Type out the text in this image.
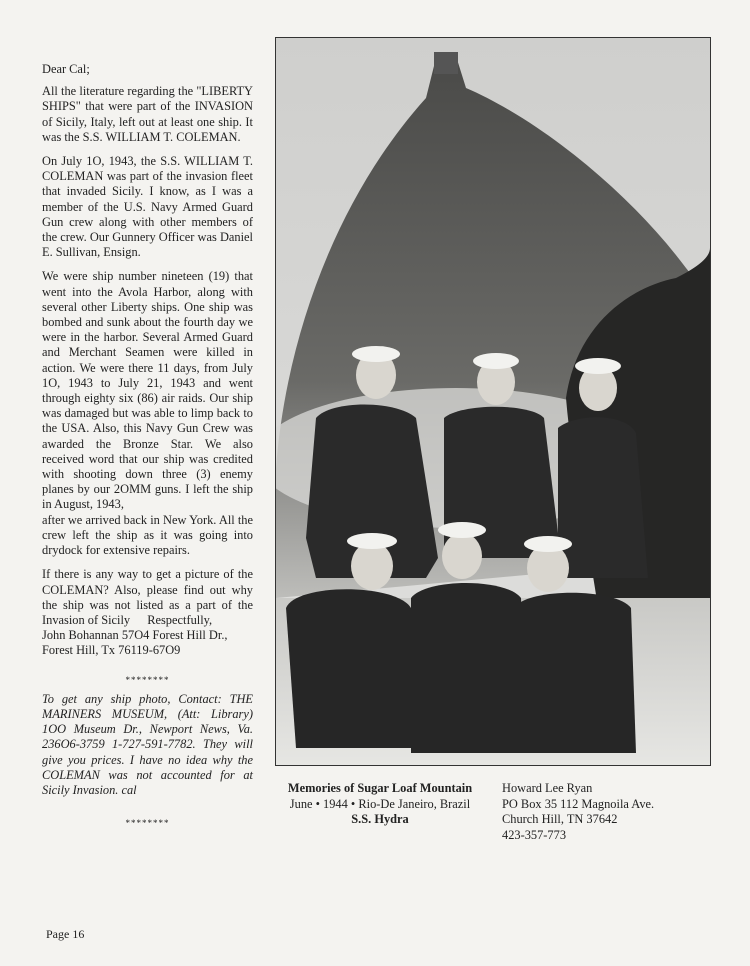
Dear Cal;

All the literature regarding the "LIBERTY SHIPS" that were part of the INVASION of Sicily, Italy, left out at least one ship. It was the S.S. WILLIAM T. COLEMAN.

On July 1O, 1943, the S.S. WILLIAM T. COLEMAN was part of the invasion fleet that invaded Sicily. I know, as I was a member of the U.S. Navy Armed Guard Gun crew along with other members of the crew. Our Gunnery Officer was Daniel E. Sullivan, Ensign.

We were ship number nineteen (19) that went into the Avola Harbor, along with several other Liberty ships. One ship was bombed and sunk about the fourth day we were in the harbor. Several Armed Guard and Merchant Seamen were killed in action. We were there 11 days, from July 1O, 1943 to July 21, 1943 and went through eighty six (86) air raids. Our ship was damaged but was able to limp back to the USA. Also, this Navy Gun Crew was awarded the Bronze Star. We also received word that our ship was credited with shooting down three (3) enemy planes by our 2OMM guns. I left the ship in August, 1943,

after we arrived back in New York. All the crew left the ship as it was going into drydock for extensive repairs.

If there is any way to get a picture of the COLEMAN? Also, please find out why the ship was not listed as a part of the Invasion of Sicily Respectfully,

John Bohannan 57O4 Forest Hill Dr.,
Forest Hill, Tx 76119-67O9
********

To get any ship photo, Contact: THE MARINERS MUSEUM, (Att: Library) 1OO Museum Dr., Newport News, Va. 236O6-3759 1-727-591-7782. They will give you prices. I have no idea why the COLEMAN was not accounted for at Sicily Invasion. cal

********
Memories of Sugar Loaf Mountain
June • 1944 • Rio-De Janeiro, Brazil
S.S. Hydra
Howard Lee Ryan
PO Box 35 112 Magnoila Ave.
Church Hill, TN 37642
423-357-773
Page 16
